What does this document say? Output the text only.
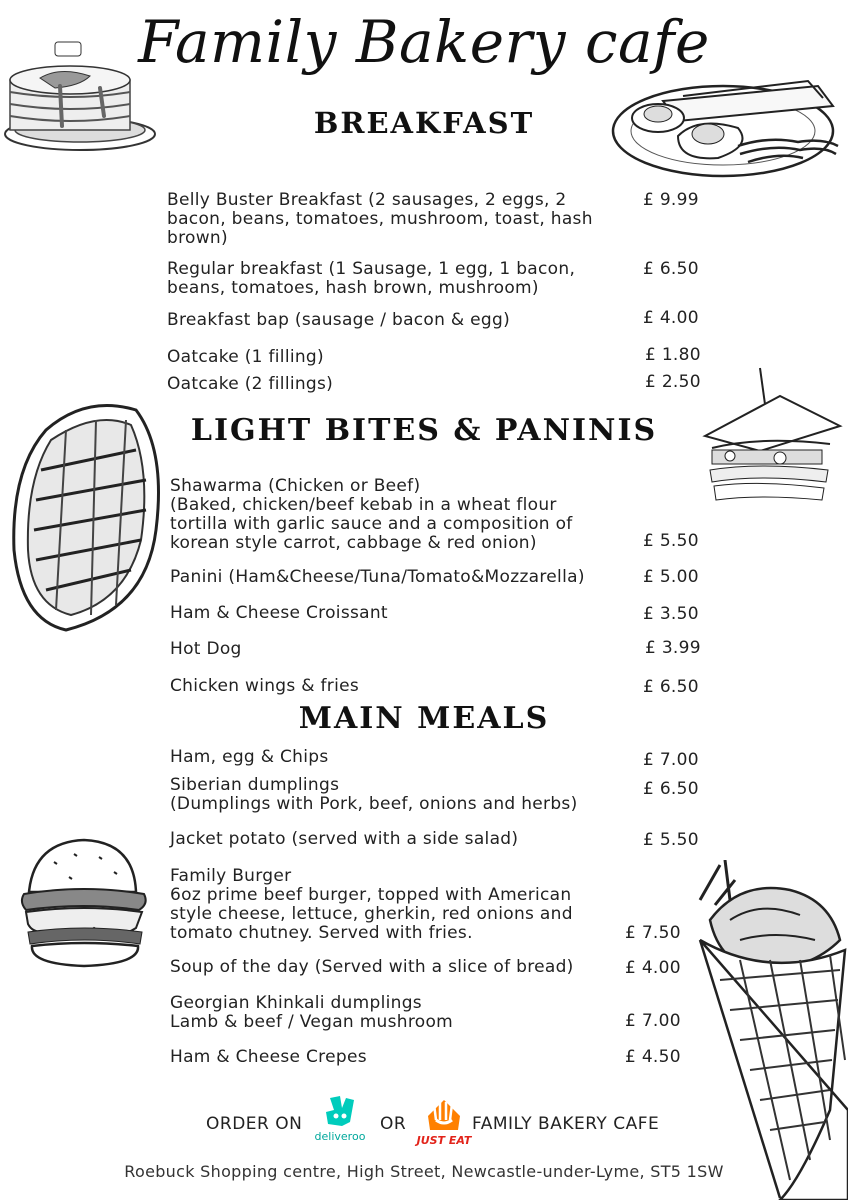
Family Bakery cafe
BREAKFAST
Belly Buster Breakfast (2 sausages, 2 eggs, 2
bacon, beans, tomatoes, mushroom, toast, hash
brown)
£ 9.99
Regular breakfast (1 Sausage, 1 egg, 1 bacon,
beans, tomatoes, hash brown, mushroom)
£ 6.50
Breakfast bap (sausage / bacon & egg)	£ 4.00
Oatcake (1 filling)	£ 1.80
Oatcake (2 fillings)	£ 2.50
LIGHT BITES & PANINIS
Shawarma (Chicken or Beef)
(Baked, chicken/beef kebab in a wheat flour
tortilla with garlic sauce and a composition of
korean style carrot, cabbage & red onion)	£ 5.50
Panini (Ham&Cheese/Tuna/Tomato&Mozzarella)	£ 5.00
Ham & Cheese Croissant	£ 3.50
Hot Dog	£ 3.99
Chicken wings & fries	£ 6.50
MAIN MEALS
Ham, egg & Chips	£ 7.00
Siberian dumplings
(Dumplings with Pork, beef, onions and herbs)
£ 6.50
Jacket potato (served with a side salad)	£ 5.50
Family Burger
6oz prime beef burger, topped with American
style cheese, lettuce, gherkin, red onions and
tomato chutney. Served with fries.	£ 7.50
Soup of the day (Served with a slice of bread)	£ 4.00
Georgian Khinkali dumplings
Lamb & beef / Vegan mushroom	£ 7.00
Ham & Cheese Crepes	£ 4.50
ORDER ON
deliveroo
OR
JUST EAT
FAMILY BAKERY CAFE
Roebuck Shopping centre, High Street, Newcastle-under-Lyme, ST5 1SW
